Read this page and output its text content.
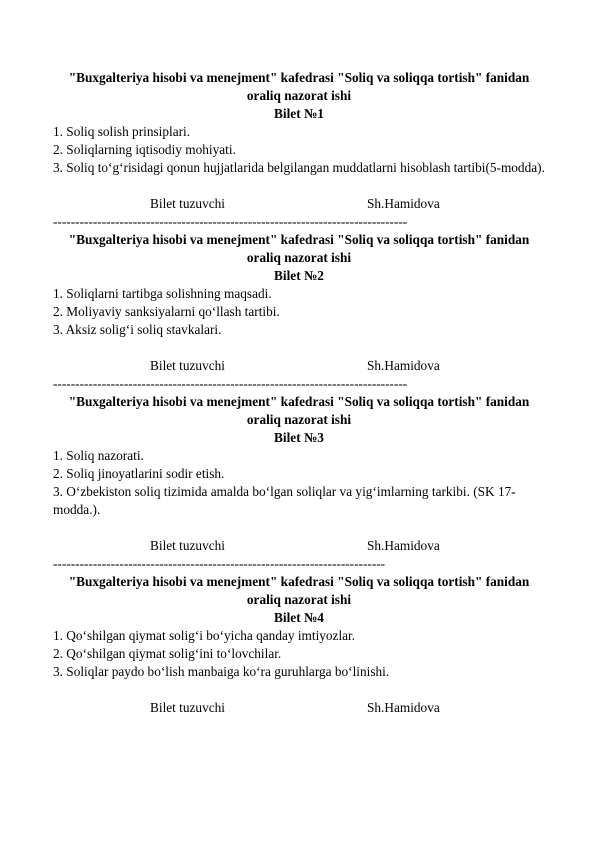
"Buxgalteriya hisobi va menejment" kafedrasi "Soliq va soliqqa tortish" fanidan oraliq nazorat ishi
Bilet №1
1. Soliq solish prinsiplari.
2. Soliqlarning iqtisodiy mohiyati.
3. Soliq to‘g‘risidagi qonun hujjatlarida belgilangan muddatlarni hisoblash tartibi(5-modda).
Bilet tuzuvchi	Sh.Hamidova
--------------------------------------------------------------------------------
"Buxgalteriya hisobi va menejment" kafedrasi "Soliq va soliqqa tortish" fanidan oraliq nazorat ishi
Bilet №2
1. Soliqlarni tartibga solishning maqsadi.
2. Moliyaviy sanksiyalarni qo‘llash tartibi.
3. Aksiz solig‘i soliq stavkalari.
Bilet tuzuvchi	Sh.Hamidova
--------------------------------------------------------------------------------
"Buxgalteriya hisobi va menejment" kafedrasi "Soliq va soliqqa tortish" fanidan oraliq nazorat ishi
Bilet №3
1. Soliq nazorati.
2. Soliq jinoyatlarini sodir etish.
3. O‘zbekiston soliq tizimida amalda bo‘lgan soliqlar va yig‘imlarning tarkibi. (SK 17-modda.).
Bilet tuzuvchi	Sh.Hamidova
---------------------------------------------------------------------------
"Buxgalteriya hisobi va menejment" kafedrasi "Soliq va soliqqa tortish" fanidan oraliq nazorat ishi
Bilet №4
1. Qo‘shilgan qiymat solig‘i bo‘yicha qanday imtiyozlar.
2. Qo‘shilgan qiymat solig‘ini to‘lovchilar.
3. Soliqlar paydo bo‘lish manbaiga ko‘ra guruhlarga bo‘linishi.
Bilet tuzuvchi	Sh.Hamidova
